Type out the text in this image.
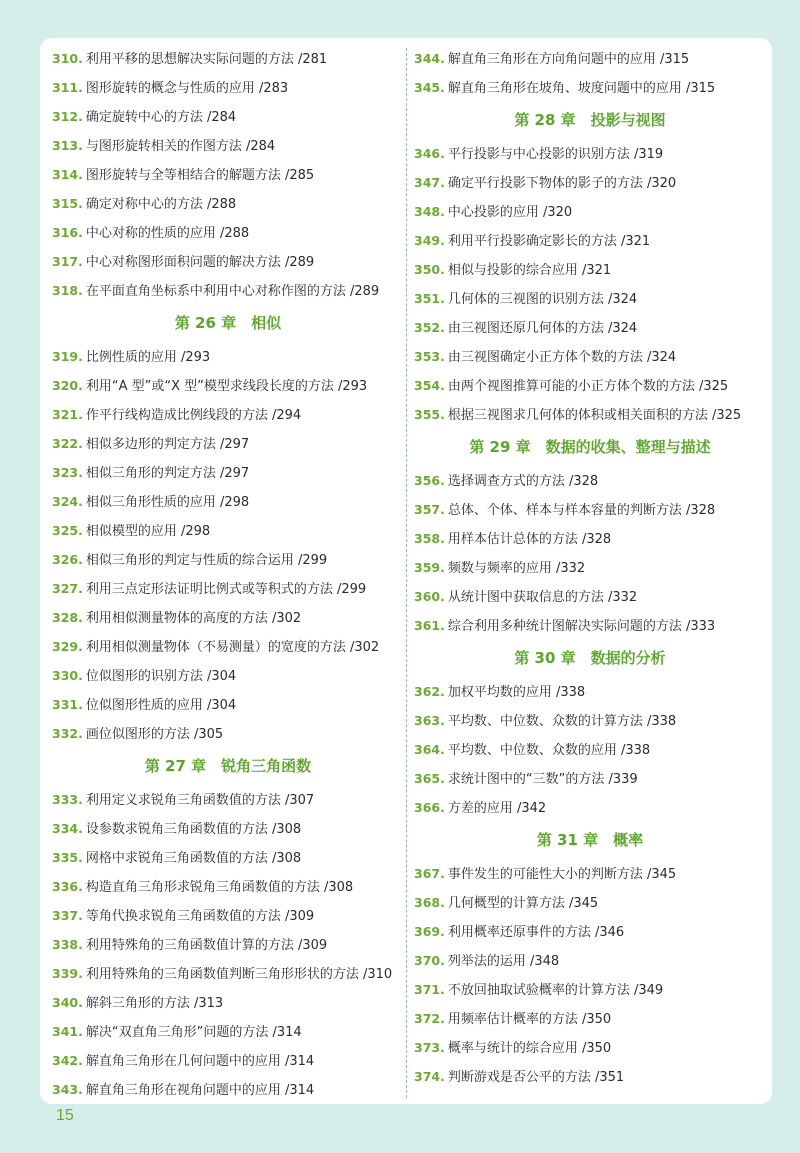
310. 利用平移的思想解决实际问题的方法 /281
311. 图形旋转的概念与性质的应用 /283
312. 确定旋转中心的方法 /284
313. 与图形旋转相关的作图方法 /284
314. 图形旋转与全等相结合的解题方法 /285
315. 确定对称中心的方法 /288
316. 中心对称的性质的应用 /288
317. 中心对称图形面积问题的解决方法 /289
318. 在平面直角坐标系中利用中心对称作图的方法 /289
第 26 章　相似
319. 比例性质的应用 /293
320. 利用“A 型”或“X 型”模型求线段长度的方法 /293
321. 作平行线构造成比例线段的方法 /294
322. 相似多边形的判定方法 /297
323. 相似三角形的判定方法 /297
324. 相似三角形性质的应用 /298
325. 相似模型的应用 /298
326. 相似三角形的判定与性质的综合运用 /299
327. 利用三点定形法证明比例式或等积式的方法 /299
328. 利用相似测量物体的高度的方法 /302
329. 利用相似测量物体（不易测量）的宽度的方法 /302
330. 位似图形的识别方法 /304
331. 位似图形性质的应用 /304
332. 画位似图形的方法 /305
第 27 章　锐角三角函数
333. 利用定义求锐角三角函数值的方法 /307
334. 设参数求锐角三角函数值的方法 /308
335. 网格中求锐角三角函数值的方法 /308
336. 构造直角三角形求锐角三角函数值的方法 /308
337. 等角代换求锐角三角函数值的方法 /309
338. 利用特殊角的三角函数值计算的方法 /309
339. 利用特殊角的三角函数值判断三角形形状的方法 /310
340. 解斜三角形的方法 /313
341. 解决“双直角三角形”问题的方法 /314
342. 解直角三角形在几何问题中的应用 /314
343. 解直角三角形在视角问题中的应用 /314
344. 解直角三角形在方向角问题中的应用 /315
345. 解直角三角形在坡角、坡度问题中的应用 /315
第 28 章　投影与视图
346. 平行投影与中心投影的识别方法 /319
347. 确定平行投影下物体的影子的方法 /320
348. 中心投影的应用 /320
349. 利用平行投影确定影长的方法 /321
350. 相似与投影的综合应用 /321
351. 几何体的三视图的识别方法 /324
352. 由三视图还原几何体的方法 /324
353. 由三视图确定小正方体个数的方法 /324
354. 由两个视图推算可能的小正方体个数的方法 /325
355. 根据三视图求几何体的体积或相关面积的方法 /325
第 29 章　数据的收集、整理与描述
356. 选择调查方式的方法 /328
357. 总体、个体、样本与样本容量的判断方法 /328
358. 用样本估计总体的方法 /328
359. 频数与频率的应用 /332
360. 从统计图中获取信息的方法 /332
361. 综合利用多种统计图解决实际问题的方法 /333
第 30 章　数据的分析
362. 加权平均数的应用 /338
363. 平均数、中位数、众数的计算方法 /338
364. 平均数、中位数、众数的应用 /338
365. 求统计图中的“三数”的方法 /339
366. 方差的应用 /342
第 31 章　概率
367. 事件发生的可能性大小的判断方法 /345
368. 几何概型的计算方法 /345
369. 利用概率还原事件的方法 /346
370. 列举法的运用 /348
371. 不放回抽取试验概率的计算方法 /349
372. 用频率估计概率的方法 /350
373. 概率与统计的综合应用 /350
374. 判断游戏是否公平的方法 /351
15
